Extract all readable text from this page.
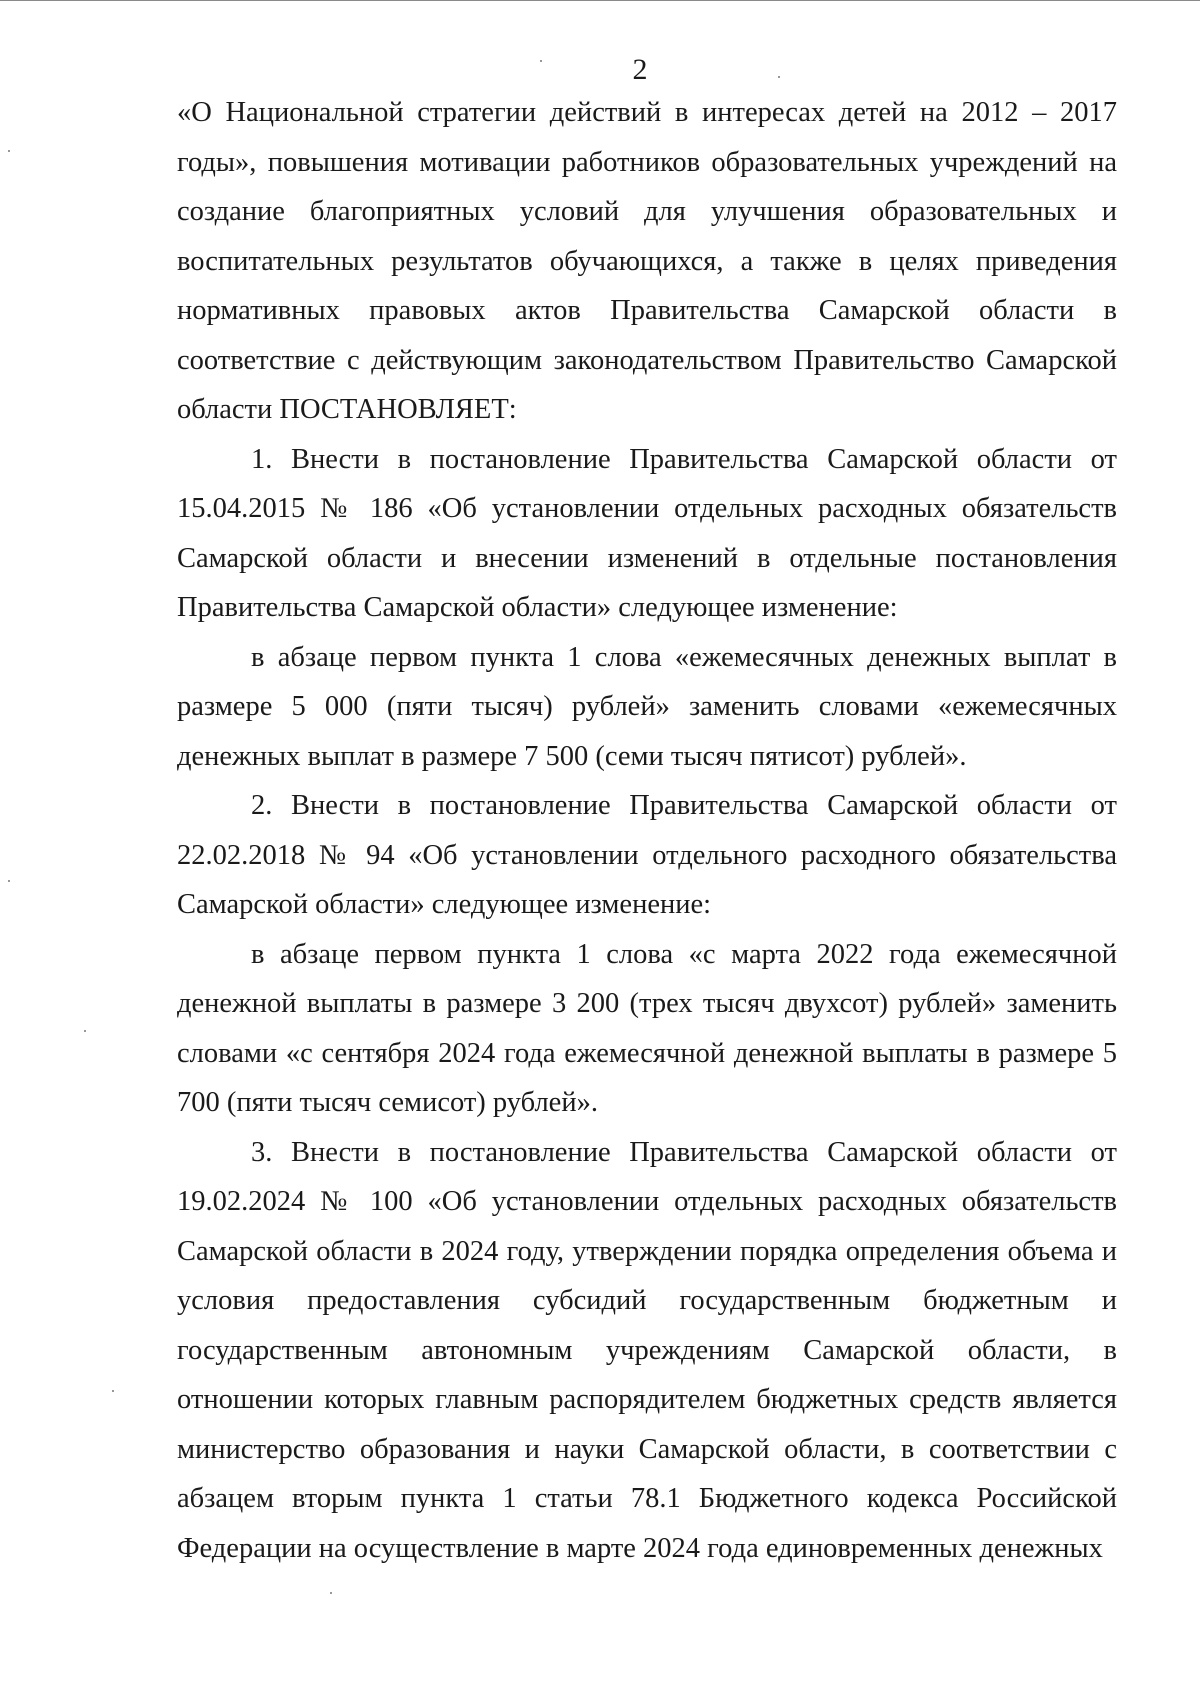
2

«О Национальной стратегии действий в интересах детей на 2012 – 2017 годы», повышения мотивации работников образовательных учреждений на создание благоприятных условий для улучшения образовательных и воспитательных результатов обучающихся, а также в целях приведения нормативных правовых актов Правительства Самарской области в соответствие с действующим законодательством Правительство Самарской области ПОСТАНОВЛЯЕТ:

1. Внести в постановление Правительства Самарской области от 15.04.2015 № 186 «Об установлении отдельных расходных обязательств Самарской области и внесении изменений в отдельные постановления Правительства Самарской области» следующее изменение:

в абзаце первом пункта 1 слова «ежемесячных денежных выплат в размере 5 000 (пяти тысяч) рублей» заменить словами «ежемесячных денежных выплат в размере 7 500 (семи тысяч пятисот) рублей».

2. Внести в постановление Правительства Самарской области от 22.02.2018 № 94 «Об установлении отдельного расходного обязательства Самарской области» следующее изменение:

в абзаце первом пункта 1 слова «с марта 2022 года ежемесячной денежной выплаты в размере 3 200 (трех тысяч двухсот) рублей» заменить словами «с сентября 2024 года ежемесячной денежной выплаты в размере 5 700 (пяти тысяч семисот) рублей».

3. Внести в постановление Правительства Самарской области от 19.02.2024 № 100 «Об установлении отдельных расходных обязательств Самарской области в 2024 году, утверждении порядка определения объема и условия предоставления субсидий государственным бюджетным и государственным автономным учреждениям Самарской области, в отношении которых главным распорядителем бюджетных средств является министерство образования и науки Самарской области, в соответствии с абзацем вторым пункта 1 статьи 78.1 Бюджетного кодекса Российской Федерации на осуществление в марте 2024 года единовременных денежных
